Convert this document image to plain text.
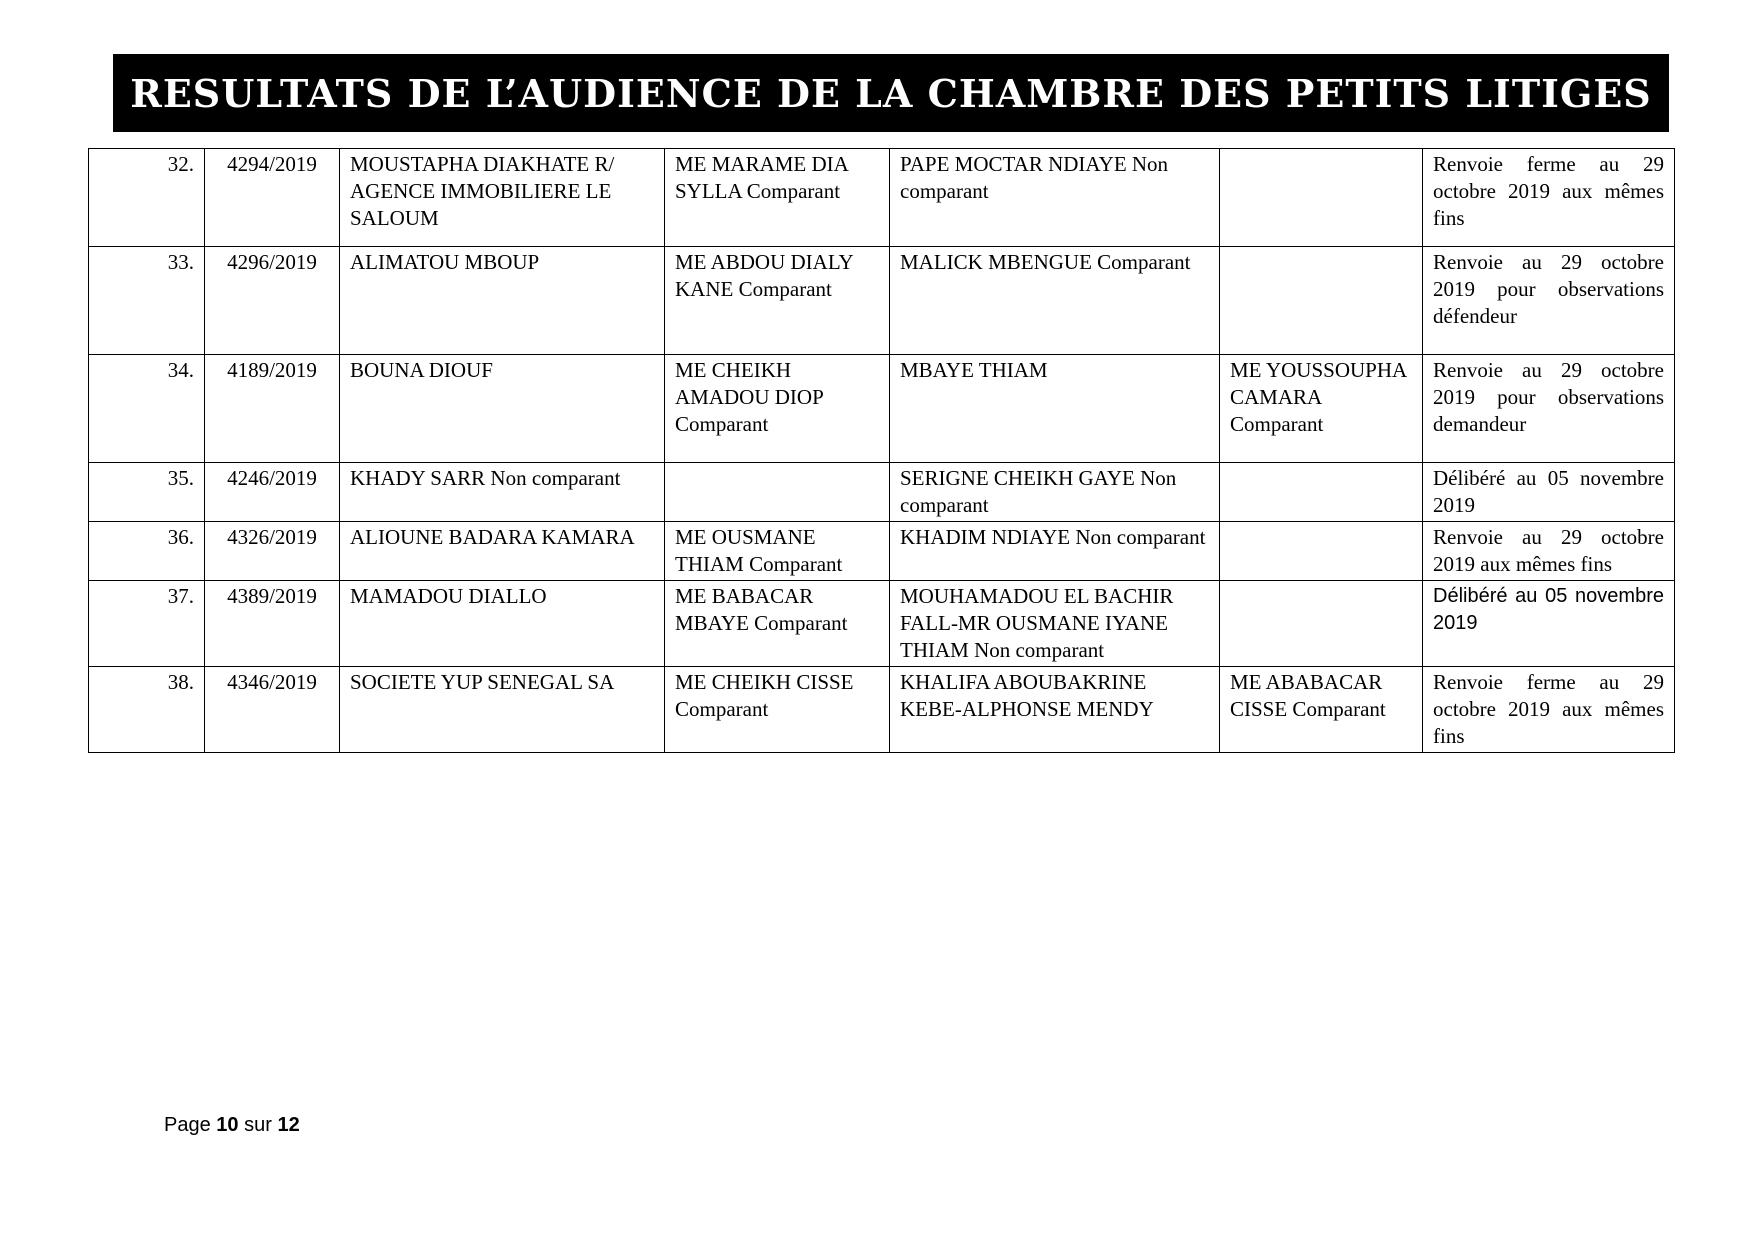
RESULTATS DE L’AUDIENCE DE LA CHAMBRE DES PETITS LITIGES
32.	4294/2019	MOUSTAPHA DIAKHATE R/ AGENCE IMMOBILIERE LE SALOUM	ME MARAME DIA SYLLA Comparant	PAPE MOCTAR NDIAYE Non comparant		Renvoie ferme au 29 octobre 2019 aux mêmes fins
33.	4296/2019	ALIMATOU MBOUP	ME ABDOU DIALY KANE Comparant	MALICK MBENGUE Comparant		Renvoie au 29 octobre 2019 pour observations défendeur
34.	4189/2019	BOUNA DIOUF	ME CHEIKH AMADOU DIOP Comparant	MBAYE THIAM	ME YOUSSOUPHA CAMARA Comparant	Renvoie au 29 octobre 2019 pour observations demandeur
35.	4246/2019	KHADY SARR Non comparant		SERIGNE CHEIKH GAYE Non comparant		Délibéré au 05 novembre 2019
36.	4326/2019	ALIOUNE BADARA KAMARA	ME OUSMANE THIAM Comparant	KHADIM NDIAYE Non comparant		Renvoie au 29 octobre 2019 aux mêmes fins
37.	4389/2019	MAMADOU DIALLO	ME BABACAR MBAYE Comparant	MOUHAMADOU EL BACHIR FALL-MR OUSMANE IYANE THIAM Non comparant		Délibéré au 05 novembre 2019
38.	4346/2019	SOCIETE YUP SENEGAL SA	ME CHEIKH CISSE Comparant	KHALIFA ABOUBAKRINE KEBE-ALPHONSE MENDY	ME ABABACAR CISSE Comparant	Renvoie ferme au 29 octobre 2019 aux mêmes fins
Page 10 sur 12
